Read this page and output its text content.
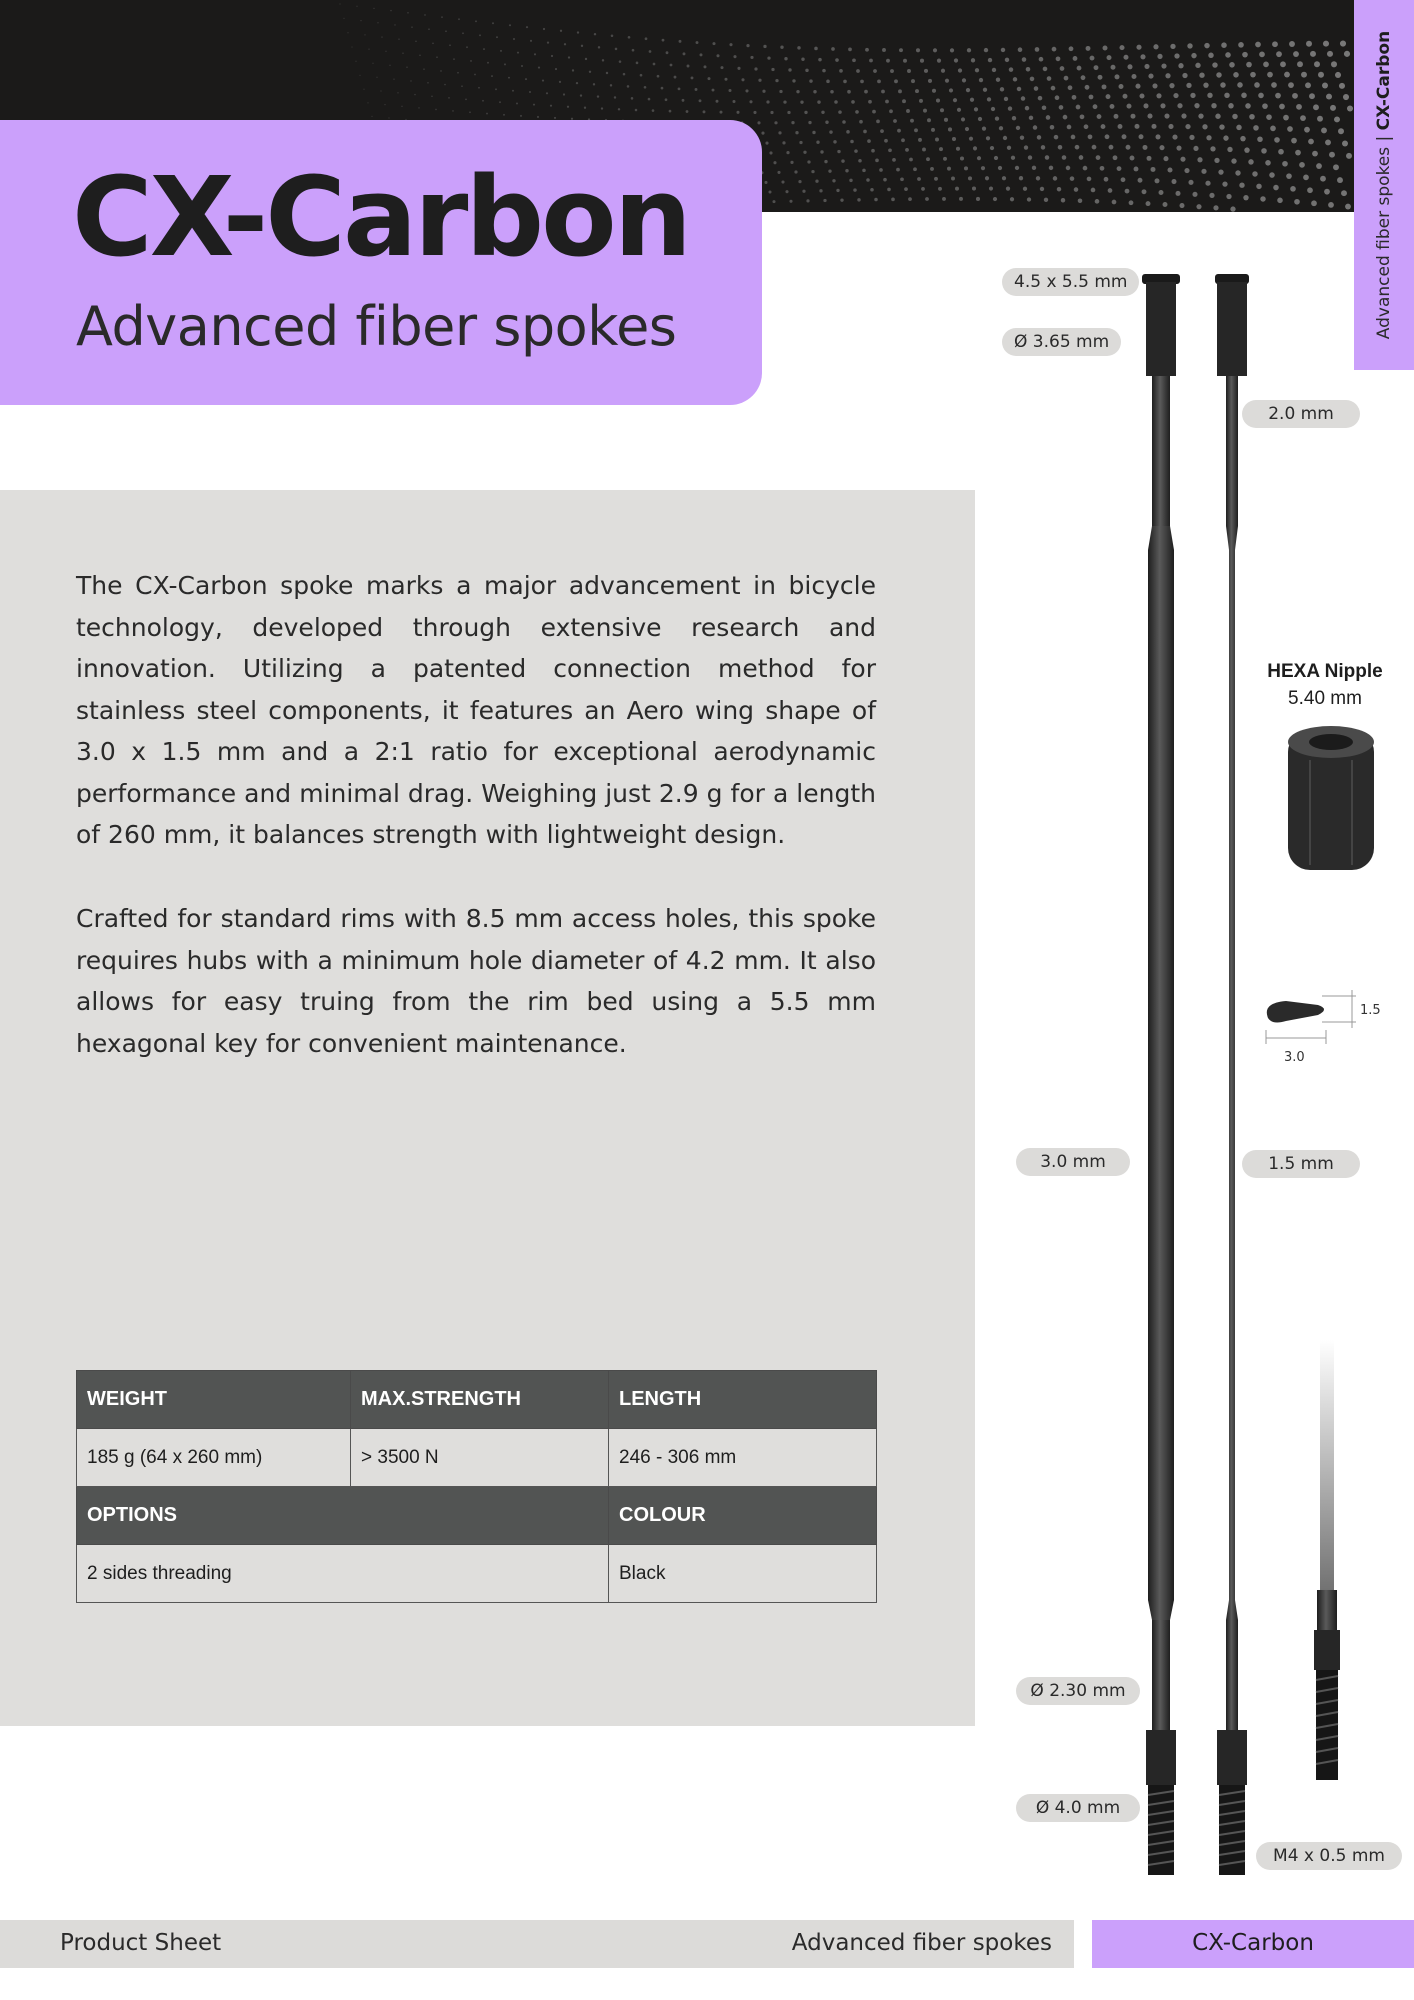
CX-Carbon
Advanced fiber spokes	Advanced fiber spokes | CX-Carbon

The CX-Carbon spoke marks a major advancement in bicycle technology, developed through extensive research and innovation. Utilizing a patented connection method for stainless steel components, it features an Aero wing shape of 3.0 x 1.5 mm and a 2:1 ratio for exceptional aerodynamic performance and minimal drag. Weighing just 2.9 g for a length of 260 mm, it balances strength with lightweight design.

Crafted for standard rims with 8.5 mm access holes, this spoke requires hubs with a minimum hole diameter of 4.2 mm. It also allows for easy truing from the rim bed using a 5.5 mm hexagonal key for convenient maintenance.

WEIGHT	MAX.STRENGTH	LENGTH
185 g (64 x 260 mm)	> 3500 N	246 - 306 mm
OPTIONS		COLOUR
2 sides threading		Black
1.5
3.0
4.5 x 5.5 mm
Ø 3.65 mm
2.0 mm
3.0 mm	1.5 mm
Ø 2.30 mm
Ø 4.0 mm
M4 x 0.5 mm

HEXA Nipple

5.40 mm

Product Sheet	Advanced fiber spokes	CX-Carbon
